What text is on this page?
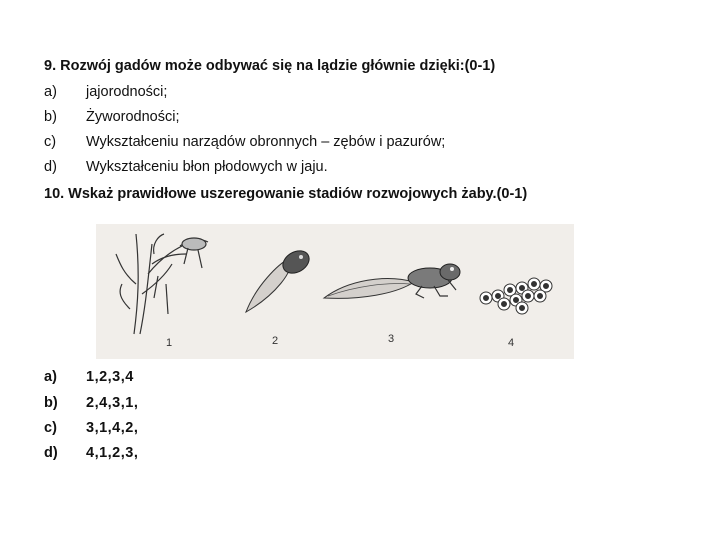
9. Rozwój gadów może odbywać się na lądzie głównie dzięki:(0-1)
a) jajorodności;
b) Żyworodności;
c) Wykształceniu narządów obronnych – zębów i pazurów;
d) Wykształceniu błon płodowych w jaju.
10. Wskaż prawidłowe uszeregowanie stadiów rozwojowych żaby.(0-1)
1	2	3	4
a) 1,2,3,4
b) 2,4,3,1,
c) 3,1,4,2,
d) 4,1,2,3,
